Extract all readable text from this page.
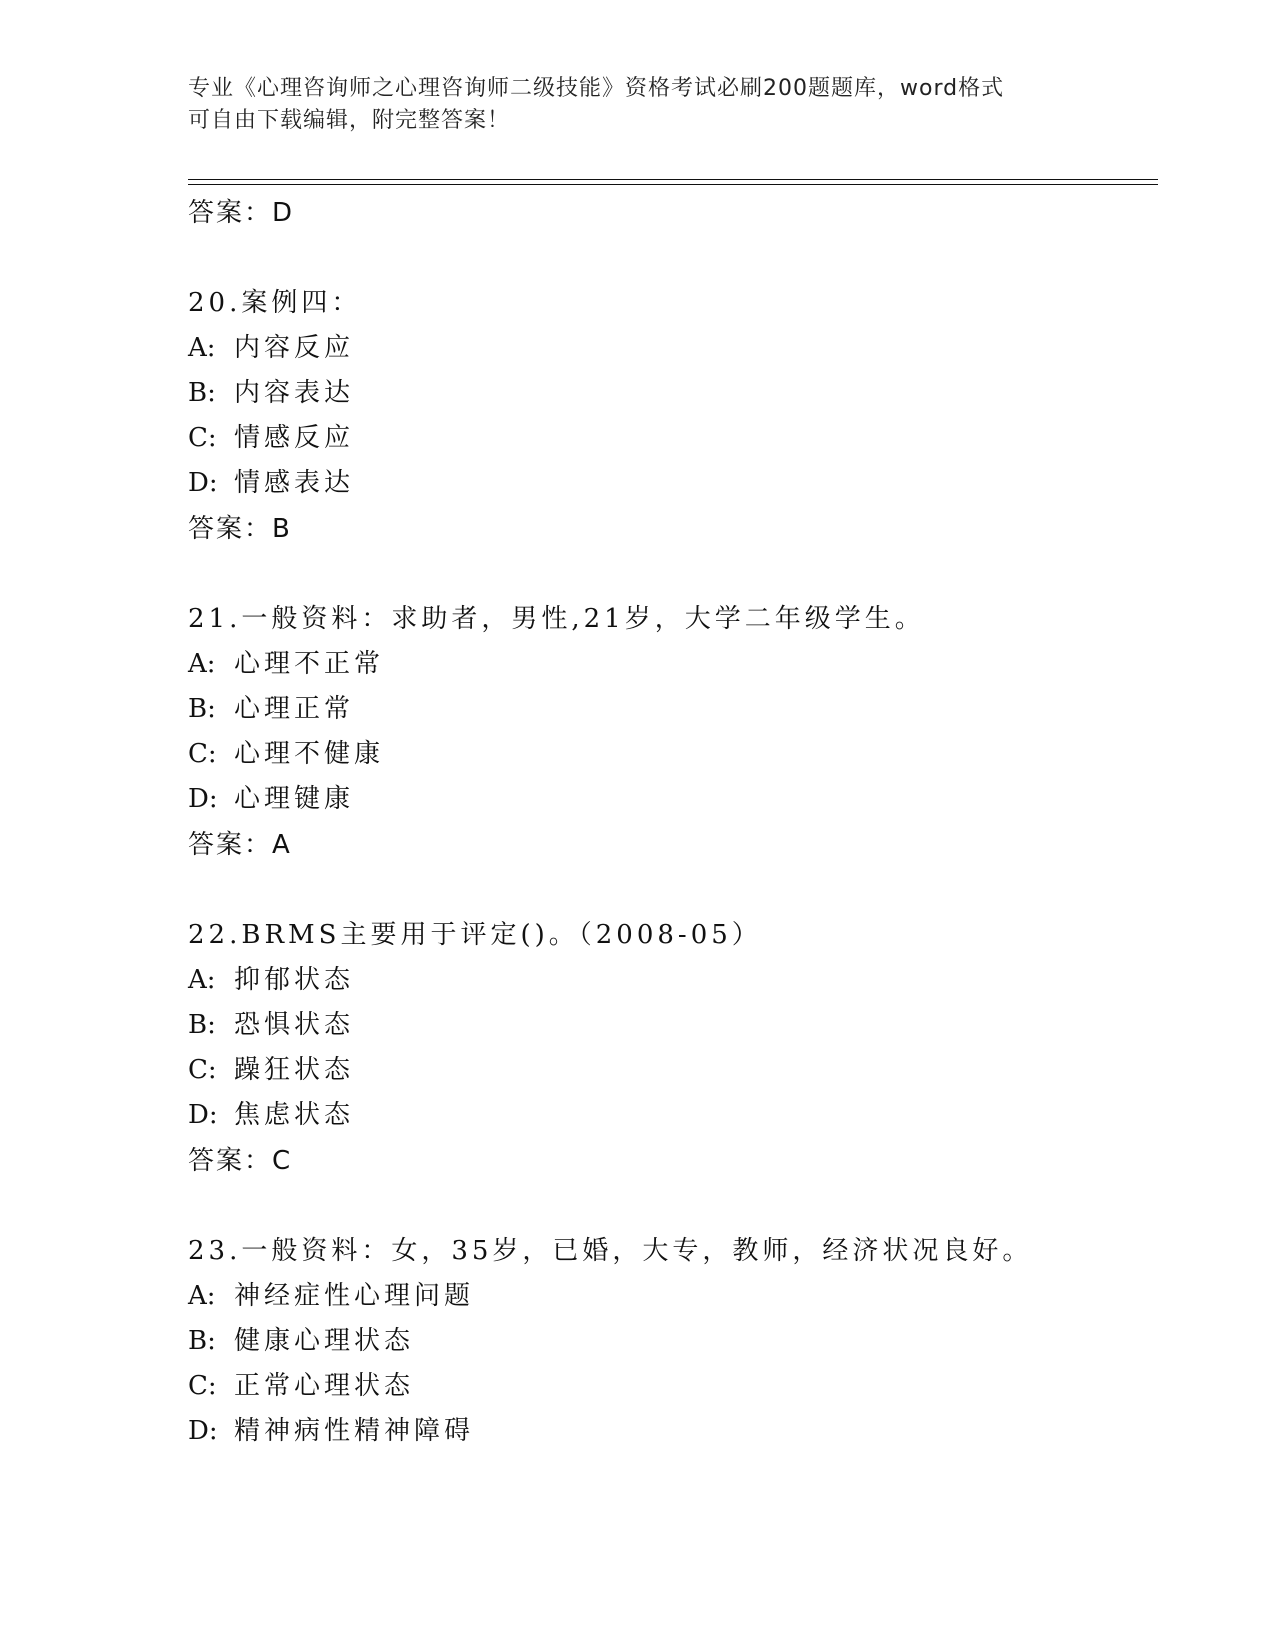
专业《心理咨询师之心理咨询师二级技能》资格考试必刷200题题库，word格式
可自由下载编辑，附完整答案！
答案：D
20.案例四：
A: 内容反应
B: 内容表达
C: 情感反应
D: 情感表达
答案：B
21.一般资料：求助者，男性,21岁，大学二年级学生。
A: 心理不正常
B: 心理正常
C: 心理不健康
D: 心理键康
答案：A
22.BRMS主要用于评定()。（2008-05）
A: 抑郁状态
B: 恐惧状态
C: 躁狂状态
D: 焦虑状态
答案：C
23.一般资料：女，35岁，已婚，大专，教师，经济状况良好。
A: 神经症性心理问题
B: 健康心理状态
C: 正常心理状态
D: 精神病性精神障碍
